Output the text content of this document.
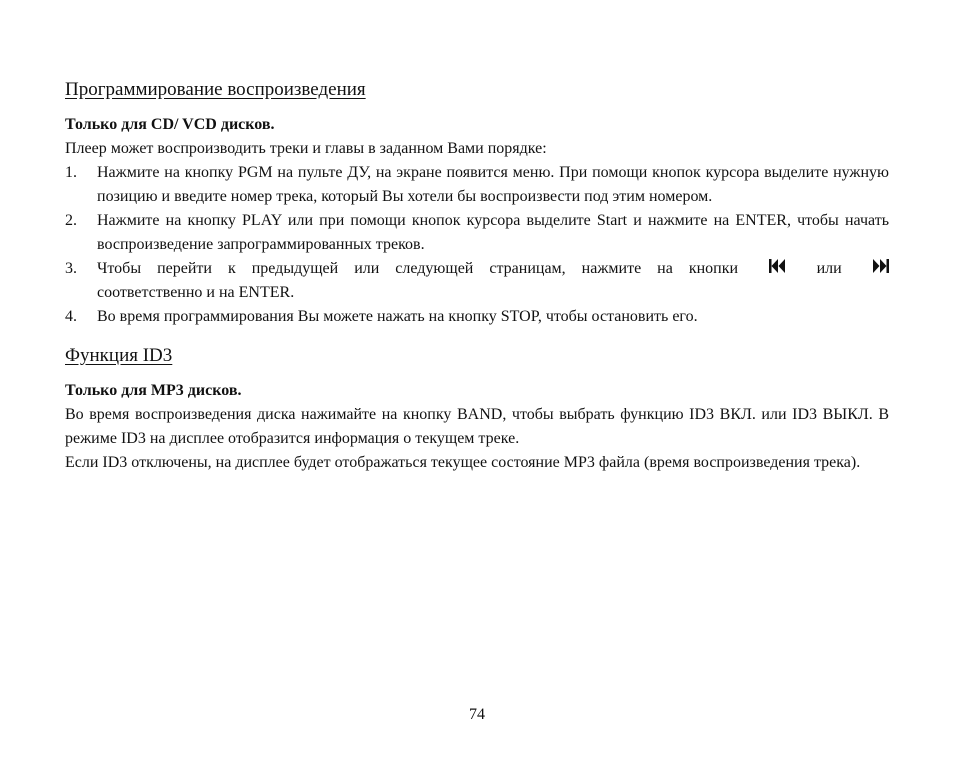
Программирование воспроизведения

Только для CD/ VCD дисков.

Плеер может воспроизводить треки и главы в заданном Вами порядке:

1. Нажмите на кнопку PGM на пульте ДУ, на экране появится меню. При помощи кнопок курсора выделите нужную позицию и введите номер трека, который Вы хотели бы воспроизвести под этим номером.
2. Нажмите на кнопку PLAY или при помощи кнопок курсора выделите Start и нажмите на ENTER, чтобы начать воспроизведение запрограммированных треков.
3. Чтобы перейти к предыдущей или следующей страницам, нажмите на кнопки	или
соответственно и на ENTER.
4. Во время программирования Вы можете нажать на кнопку STOP, чтобы остановить его.
Функция ID3

Только для MP3 дисков.

Во время воспроизведения диска нажимайте на кнопку BAND, чтобы выбрать функцию ID3 ВКЛ. или ID3 ВЫКЛ. В режиме ID3 на дисплее отобразится информация о текущем треке.

Если ID3 отключены, на дисплее будет отображаться текущее состояние MP3 файла (время воспроизведения трека).

74
